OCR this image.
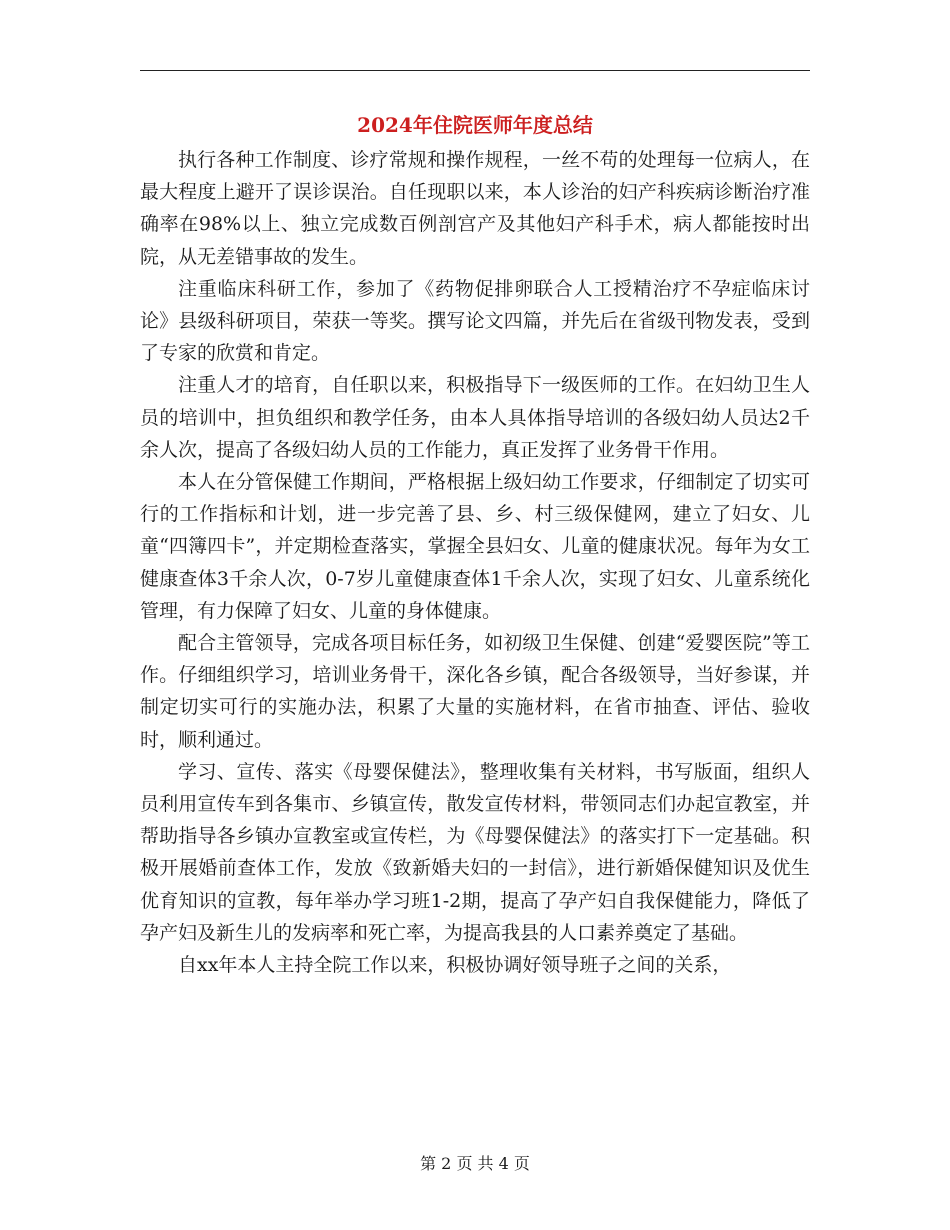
2024年住院医师年度总结

执行各种工作制度、诊疗常规和操作规程，一丝不苟的处理每一位病人，在最大程度上避开了误诊误治。自任现职以来，本人诊治的妇产科疾病诊断治疗准确率在98%以上、独立完成数百例剖宫产及其他妇产科手术，病人都能按时出院，从无差错事故的发生。

注重临床科研工作，参加了《药物促排卵联合人工授精治疗不孕症临床讨论》县级科研项目，荣获一等奖。撰写论文四篇，并先后在省级刊物发表，受到了专家的欣赏和肯定。

注重人才的培育，自任职以来，积极指导下一级医师的工作。在妇幼卫生人员的培训中，担负组织和教学任务，由本人具体指导培训的各级妇幼人员达2千余人次，提高了各级妇幼人员的工作能力，真正发挥了业务骨干作用。

本人在分管保健工作期间，严格根据上级妇幼工作要求，仔细制定了切实可行的工作指标和计划，进一步完善了县、乡、村三级保健网，建立了妇女、儿童“四簿四卡”，并定期检查落实，掌握全县妇女、儿童的健康状况。每年为女工健康查体3千余人次，0-7岁儿童健康查体1千余人次，实现了妇女、儿童系统化管理，有力保障了妇女、儿童的身体健康。

配合主管领导，完成各项目标任务，如初级卫生保健、创建“爱婴医院”等工作。仔细组织学习，培训业务骨干，深化各乡镇，配合各级领导，当好参谋，并制定切实可行的实施办法，积累了大量的实施材料，在省市抽查、评估、验收时，顺利通过。

学习、宣传、落实《母婴保健法》，整理收集有关材料，书写版面，组织人员利用宣传车到各集市、乡镇宣传，散发宣传材料，带领同志们办起宣教室，并帮助指导各乡镇办宣教室或宣传栏，为《母婴保健法》的落实打下一定基础。积极开展婚前查体工作，发放《致新婚夫妇的一封信》，进行新婚保健知识及优生优育知识的宣教，每年举办学习班1-2期，提高了孕产妇自我保健能力，降低了孕产妇及新生儿的发病率和死亡率，为提高我县的人口素养奠定了基础。

自xx年本人主持全院工作以来，积极协调好领导班子之间的关系，

第 2 页 共 4 页
